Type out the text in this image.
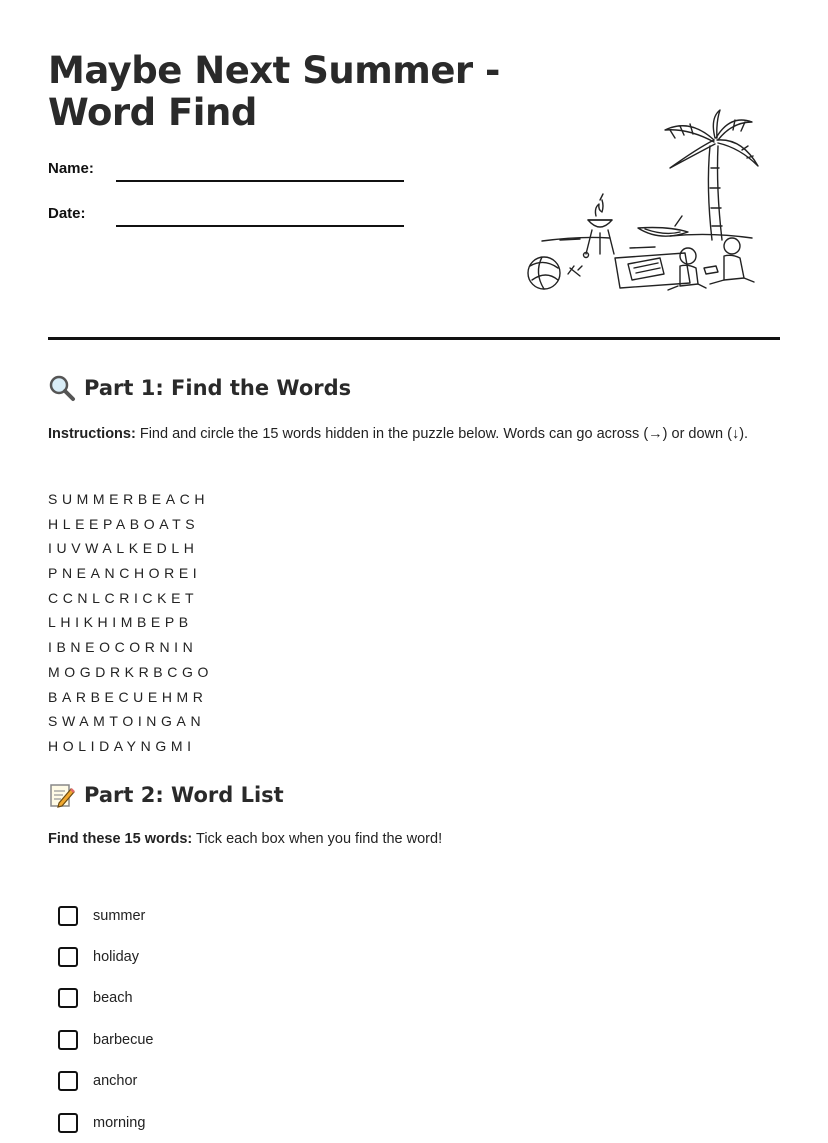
Maybe Next Summer - Word Find
Name:
Date:
Part 1: Find the Words

Instructions: Find and circle the 15 words hidden in the puzzle below. Words can go across (→) or down (↓).

SUMMERBEACH
HLEEPABOATS
IUVWALKEDLH
PNEANCHOREI
CCNLCRICKET
LHIKHIMBEPB
IBNEOCORNIN
MOGDRKRBCGO
BARBECUEHMR
SWAMTOINGAN
HOLIDAYNGMI
Part 2: Word List

Find these 15 words: Tick each box when you find the word!

summer
holiday
beach
barbecue
anchor
morning
